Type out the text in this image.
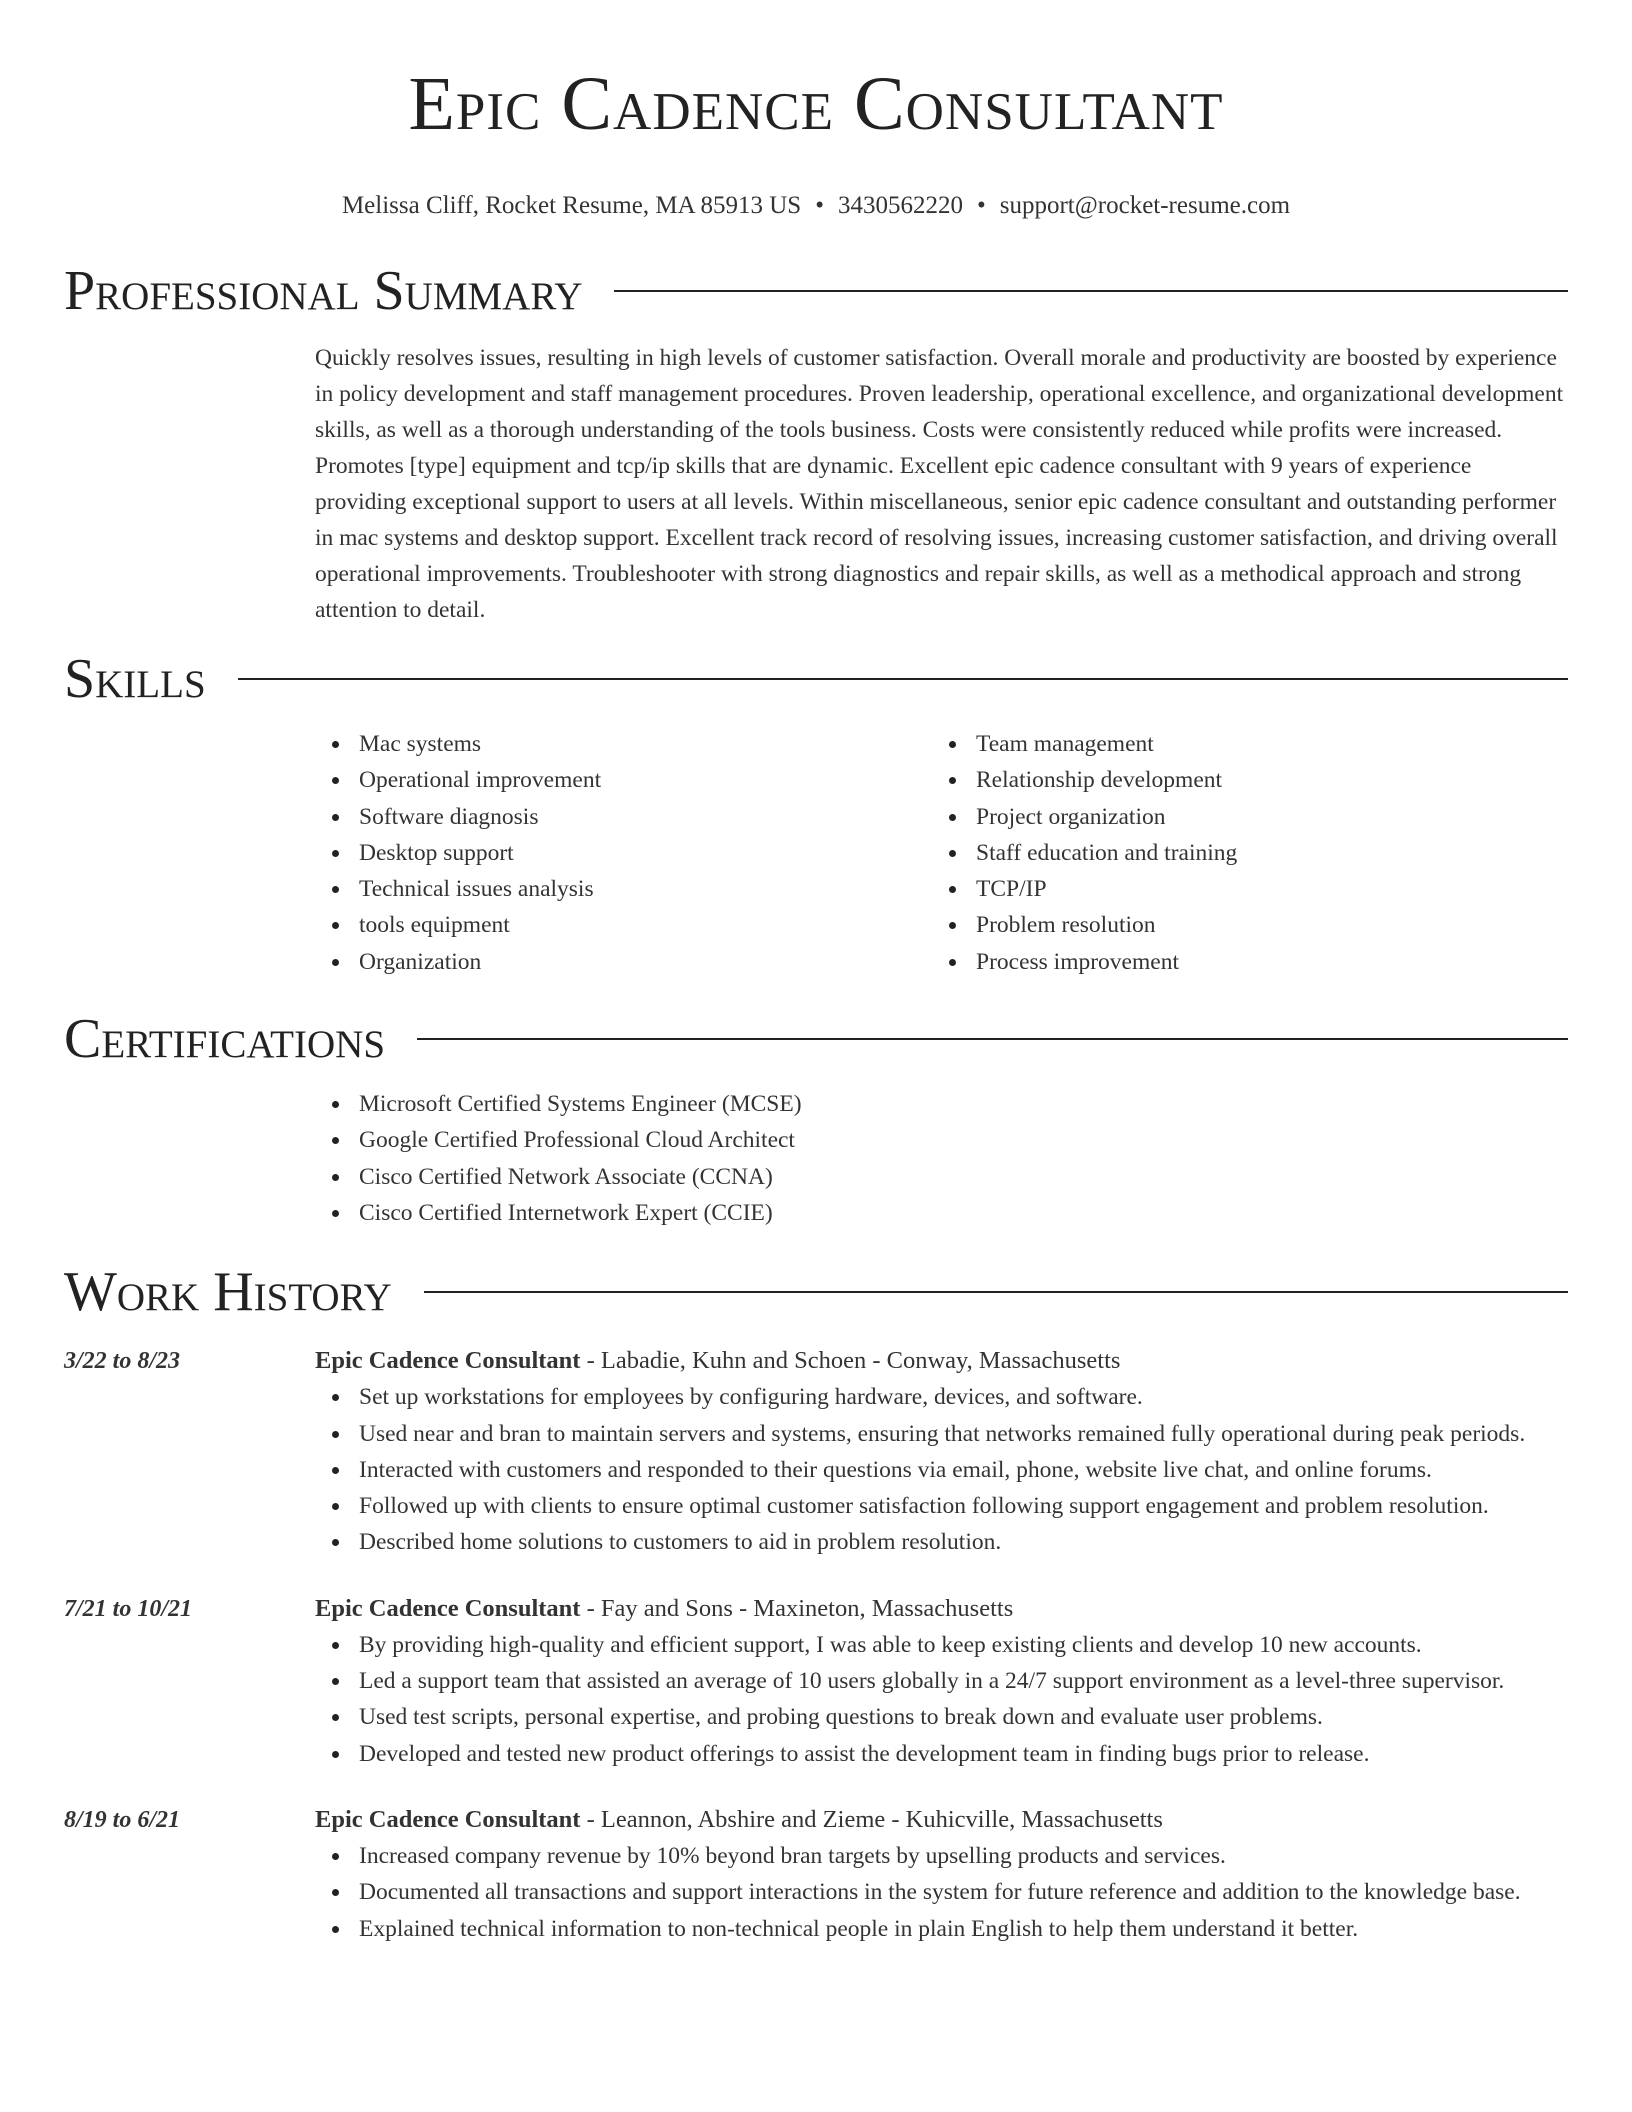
Epic Cadence Consultant
Melissa Cliff, Rocket Resume, MA 85913 US • 3430562220 • support@rocket-resume.com
Professional Summary

Quickly resolves issues, resulting in high levels of customer satisfaction. Overall morale and productivity are boosted by experience in policy development and staff management procedures. Proven leadership, operational excellence, and organizational development skills, as well as a thorough understanding of the tools business. Costs were consistently reduced while profits were increased. Promotes [type] equipment and tcp/ip skills that are dynamic. Excellent epic cadence consultant with 9 years of experience providing exceptional support to users at all levels. Within miscellaneous, senior epic cadence consultant and outstanding performer in mac systems and desktop support. Excellent track record of resolving issues, increasing customer satisfaction, and driving overall operational improvements. Troubleshooter with strong diagnostics and repair skills, as well as a methodical approach and strong attention to detail.

Skills
Mac systems
Operational improvement
Software diagnosis
Desktop support
Technical issues analysis
tools equipment
Organization
Team management
Relationship development
Project organization
Staff education and training
TCP/IP
Problem resolution
Process improvement
Certifications
Microsoft Certified Systems Engineer (MCSE)
Google Certified Professional Cloud Architect
Cisco Certified Network Associate (CCNA)
Cisco Certified Internetwork Expert (CCIE)
Work History
3/22 to 8/23	Epic Cadence Consultant - Labadie, Kuhn and Schoen - Conway, Massachusetts
Set up workstations for employees by configuring hardware, devices, and software.
Used near and bran to maintain servers and systems, ensuring that networks remained fully operational during peak periods.
Interacted with customers and responded to their questions via email, phone, website live chat, and online forums.
Followed up with clients to ensure optimal customer satisfaction following support engagement and problem resolution.
Described home solutions to customers to aid in problem resolution.
7/21 to 10/21	Epic Cadence Consultant - Fay and Sons - Maxineton, Massachusetts
By providing high-quality and efficient support, I was able to keep existing clients and develop 10 new accounts.
Led a support team that assisted an average of 10 users globally in a 24/7 support environment as a level-three supervisor.
Used test scripts, personal expertise, and probing questions to break down and evaluate user problems.
Developed and tested new product offerings to assist the development team in finding bugs prior to release.
8/19 to 6/21	Epic Cadence Consultant - Leannon, Abshire and Zieme - Kuhicville, Massachusetts
Increased company revenue by 10% beyond bran targets by upselling products and services.
Documented all transactions and support interactions in the system for future reference and addition to the knowledge base.
Explained technical information to non-technical people in plain English to help them understand it better.
